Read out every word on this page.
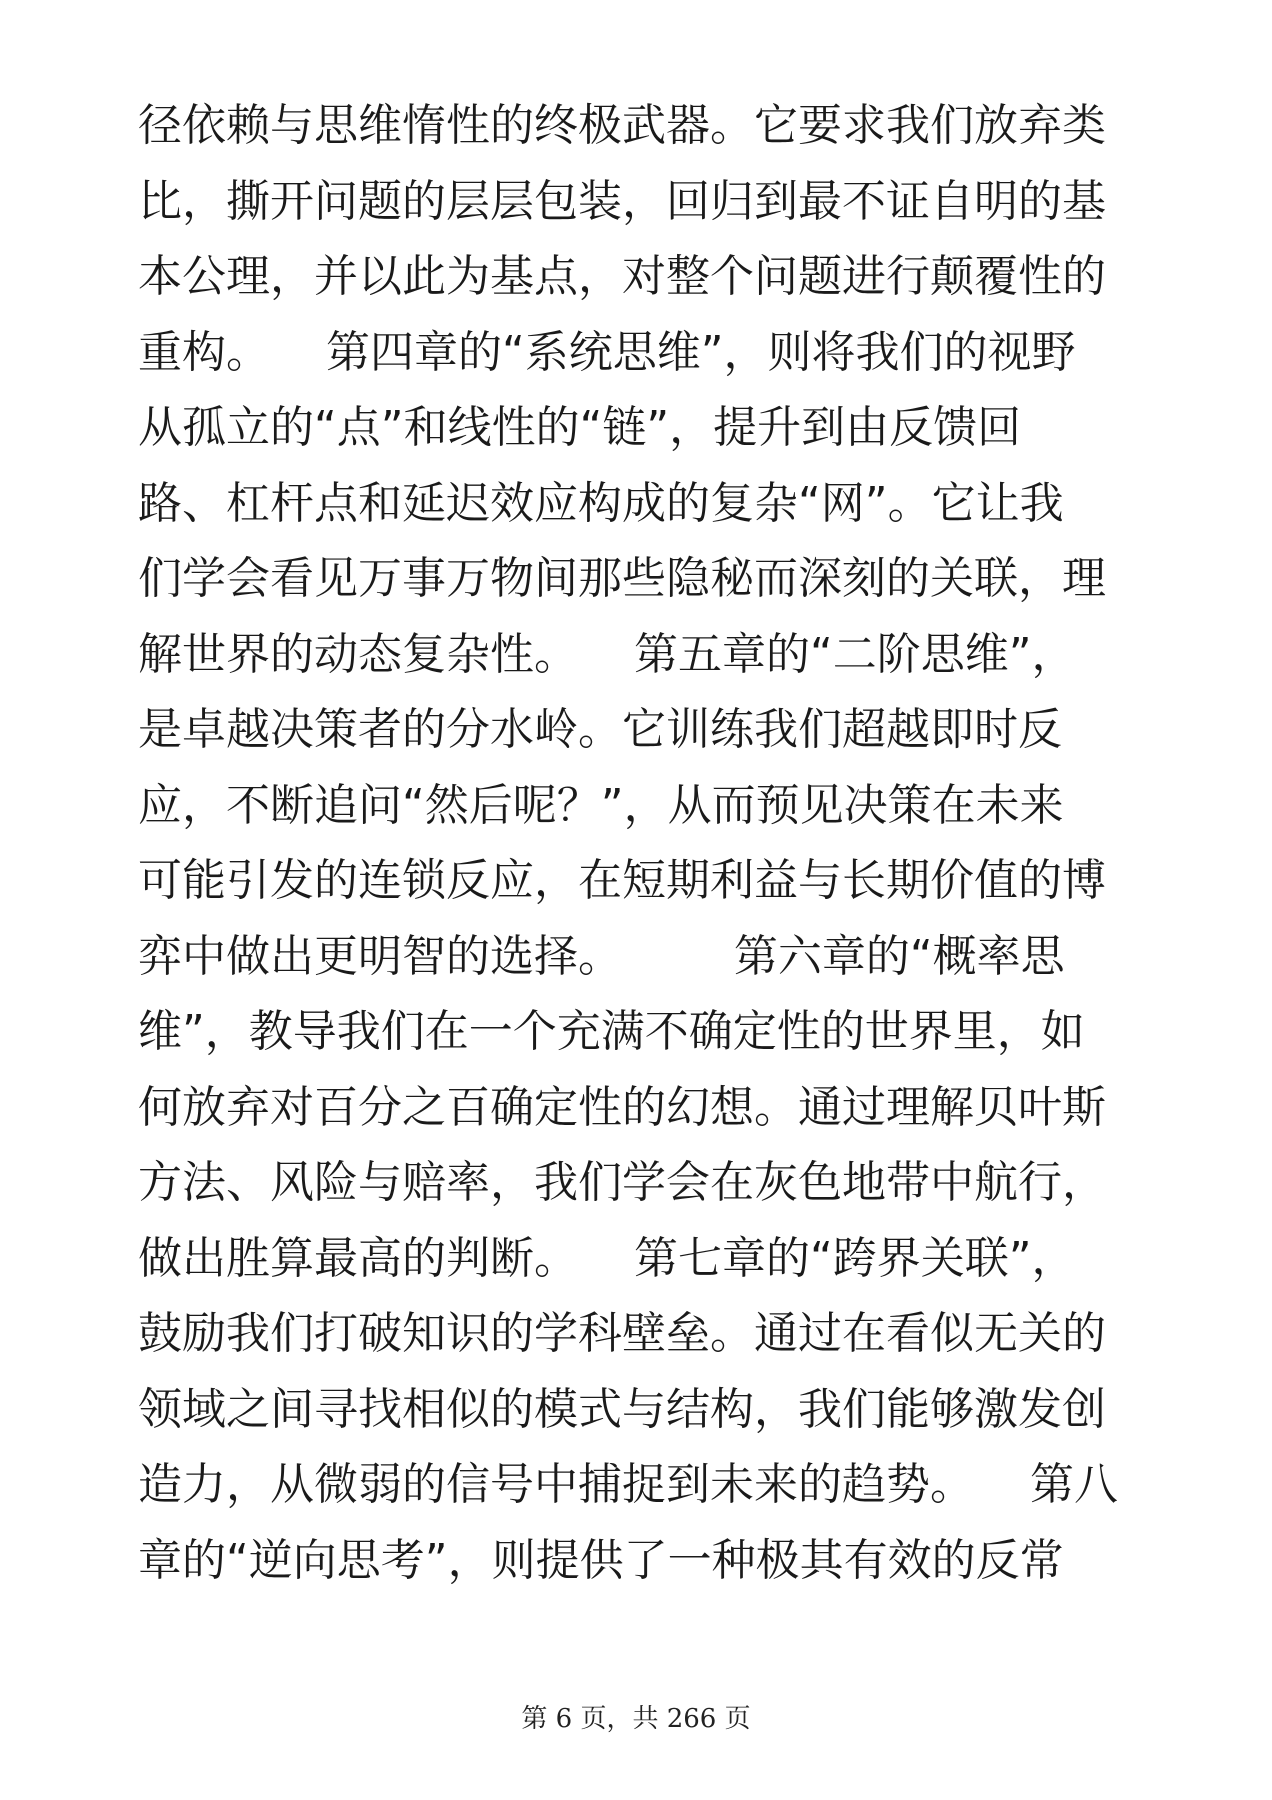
径依赖与思维惰性的终极武器。它要求我们放弃类
比，撕开问题的层层包装，回归到最不证自明的基
本公理，并以此为基点，对整个问题进行颠覆性的
重构。    第四章的“系统思维”，则将我们的视野
从孤立的“点”和线性的“链”，提升到由反馈回
路、杠杆点和延迟效应构成的复杂“网”。它让我
们学会看见万事万物间那些隐秘而深刻的关联，理
解世界的动态复杂性。    第五章的“二阶思维”，
是卓越决策者的分水岭。它训练我们超越即时反
应，不断追问“然后呢？”，从而预见决策在未来
可能引发的连锁反应，在短期利益与长期价值的博
弈中做出更明智的选择。        第六章的“概率思
维”，教导我们在一个充满不确定性的世界里，如
何放弃对百分之百确定性的幻想。通过理解贝叶斯
方法、风险与赔率，我们学会在灰色地带中航行，
做出胜算最高的判断。    第七章的“跨界关联”，
鼓励我们打破知识的学科壁垒。通过在看似无关的
领域之间寻找相似的模式与结构，我们能够激发创
造力，从微弱的信号中捕捉到未来的趋势。    第八
章的“逆向思考”，则提供了一种极其有效的反常
第 6 页，共 266 页
